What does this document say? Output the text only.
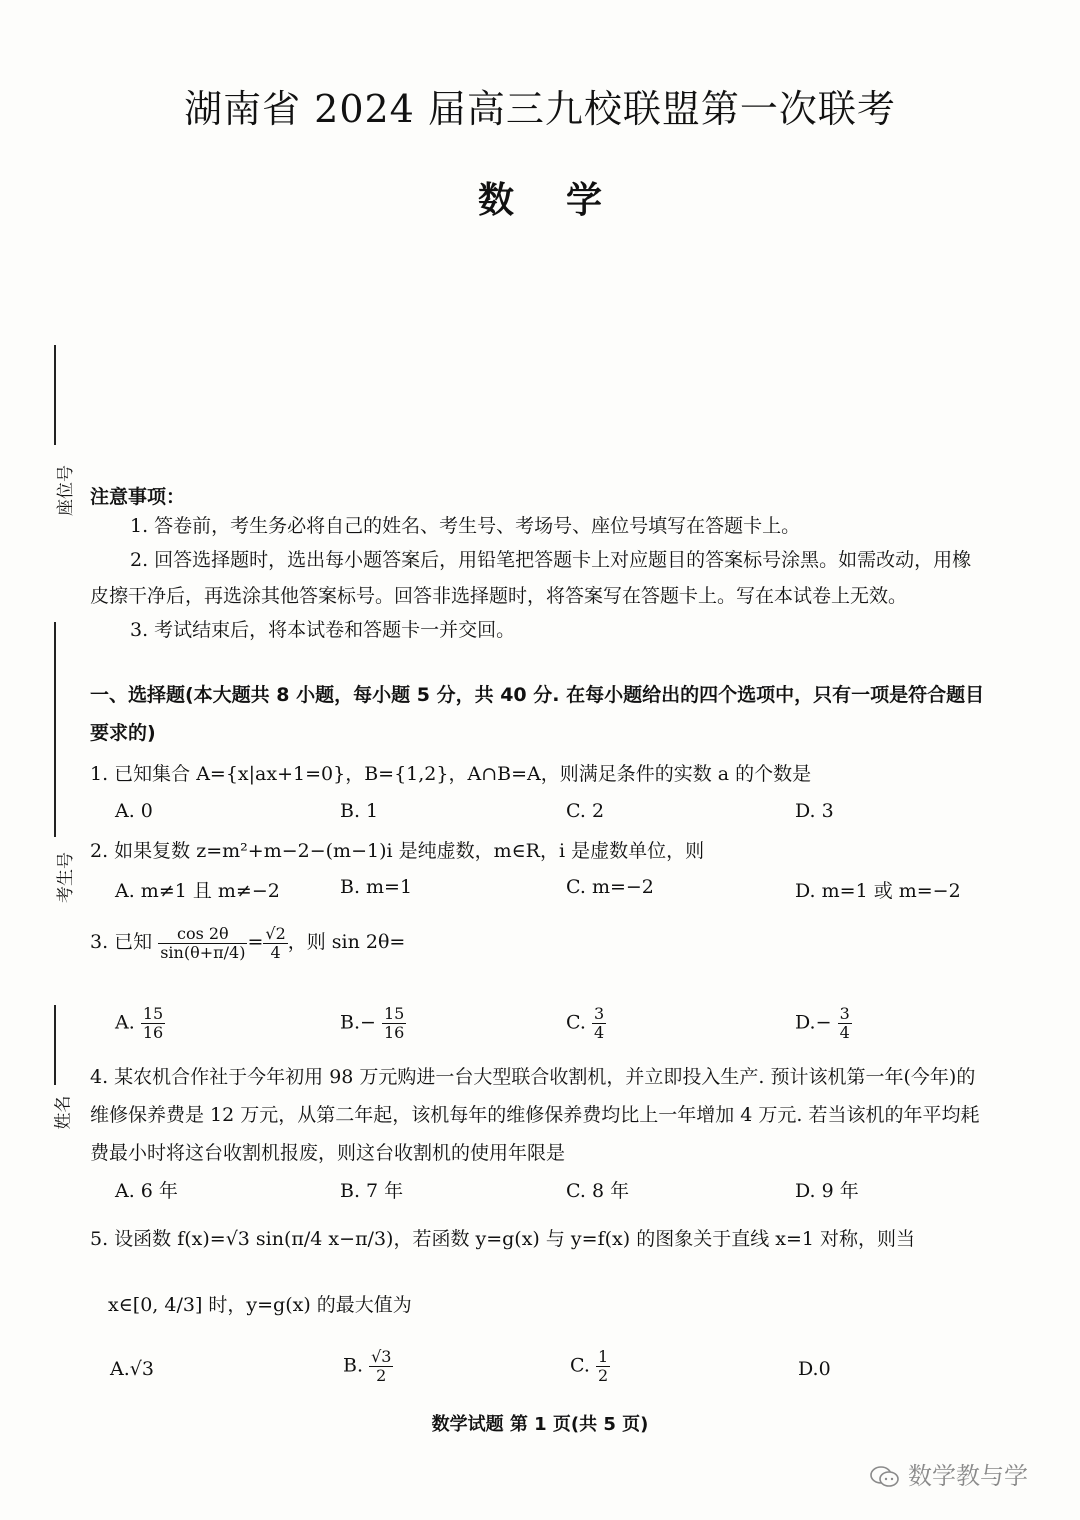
湖南省 2024 届高三九校联盟第一次联考
数学
座位号
考生号
姓名
注意事项：
1. 答卷前，考生务必将自己的姓名、考生号、考场号、座位号填写在答题卡上。
2. 回答选择题时，选出每小题答案后，用铅笔把答题卡上对应题目的答案标号涂黑。如需改动，用橡皮擦干净后，再选涂其他答案标号。回答非选择题时，将答案写在答题卡上。写在本试卷上无效。
3. 考试结束后，将本试卷和答题卡一并交回。
一、选择题(本大题共 8 小题，每小题 5 分，共 40 分. 在每小题给出的四个选项中，只有一项是符合题目要求的)
1. 已知集合 A={x|ax+1=0}，B={1,2}，A∩B=A，则满足条件的实数 a 的个数是
A. 0	B. 1	C. 2	D. 3
2. 如果复数 z=m²+m−2−(m−1)i 是纯虚数，m∈R，i 是虚数单位，则
A. m≠1 且 m≠−2	B. m=1	C. m=−2	D. m=1 或 m=−2
3. 已知 $\frac{\cos 2\theta}{\sin(\theta+\pi/4)} = \frac{√2}{4}$ ，则 sin 2θ=
A. $\frac{15}{16}$	$B.- \frac{15}{16}$	C. $\frac{3}{4}$	$D.- \frac{3}{4}$
4. 某农机合作社于今年初用 98 万元购进一台大型联合收割机，并立即投入生产. 预计该机第一年(今年)的维修保养费是 12 万元，从第二年起，该机每年的维修保养费均比上一年增加 4 万元. 若当该机的年平均耗费最小时将这台收割机报废，则这台收割机的使用年限是
A. 6 年	B. 7 年	C. 8 年	D. 9 年
5. 设函数 f(x)=√3 sin(π/4 x−π/3)，若函数 y=g(x) 与 y=f(x) 的图象关于直线 x=1 对称，则当
x∈[0, 4/3] 时，y=g(x) 的最大值为
A.√3	B. $\frac{√3}{2}$	C. $\frac{1}{2}$	D.0
数学试题 第 1 页(共 5 页)
数学教与学
